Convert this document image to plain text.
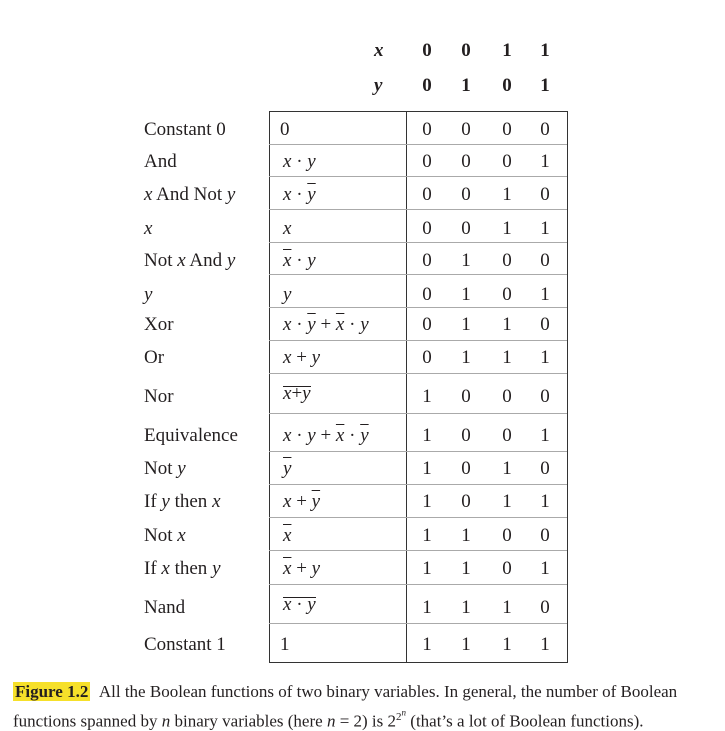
x
y
0 0 1 1
0 1 0 1
Constant 0
And
x And Not y
x
Not x And y
y
Xor
Or
Nor
Equivalence
Not y
If y then x
Not x
If x then y
Nand
Constant 1
0
x · y
$x \cdot \overline{y}$
x
$\overline{x} \cdot y$
y
$x \cdot \overline{y} + \overline{x} \cdot y$
x + y
x+y
$x \cdot y + \overline{x} \cdot \overline{y}$
$\overline{y}$
$x + \overline{y}$
$\overline{x}$
$\overline{x} + y$
x · y
1
0 0 0 0
0 0 0 1
0 0 1 0
0 0 1 1
0 1 0 0
0 1 0 1
0 1 1 0
0 1 1 1
1 0 0 0
1 0 0 1
1 0 1 0
1 0 1 1
1 1 0 0
1 1 0 1
1 1 1 0
1 1 1 1
Figure 1.2  All the Boolean functions of two binary variables. In general, the number of Boolean functions spanned by n binary variables (here n = 2) is $2^{2^n}$ (that’s a lot of Boolean functions).
